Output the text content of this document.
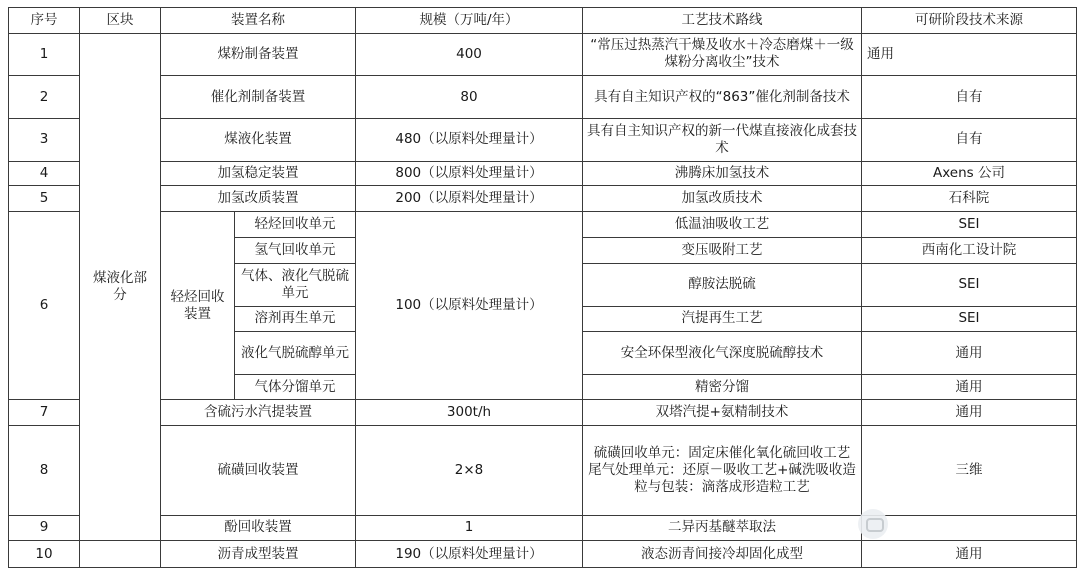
序号	区块	装置名称		规模（万吨/年）	工艺技术路线	可研阶段技术来源
1	煤液化部分	煤粉制备装置		400	“常压过热蒸汽干燥及收水＋冷态磨煤＋一级煤粉分离收尘”技术	通用
2		催化剂制备装置		80	具有自主知识产权的“863”催化剂制备技术	自有
3		煤液化装置		480（以原料处理量计）	具有自主知识产权的新一代煤直接液化成套技术	自有
4		加氢稳定装置		800（以原料处理量计）	沸腾床加氢技术	Axens 公司
5		加氢改质装置		200（以原料处理量计）	加氢改质技术	石科院
6		轻烃回收装置	轻烃回收单元	100（以原料处理量计）	低温油吸收工艺	SEI
			氢气回收单元		变压吸附工艺	西南化工设计院
			气体、液化气脱硫单元		醇胺法脱硫	SEI
			溶剂再生单元		汽提再生工艺	SEI
			液化气脱硫醇单元		安全环保型液化气深度脱硫醇技术	通用
			气体分馏单元		精密分馏	通用
7		含硫污水汽提装置		300t/h	双塔汽提+氨精制技术	通用
8		硫磺回收装置		2×8	硫磺回收单元：固定床催化氧化硫回收工艺
尾气处理单元：还原－吸收工艺+碱洗吸收造粒与包装：滴落成形造粒工艺	三维
9		酚回收装置		1	二异丙基醚萃取法	
10		沥青成型装置		190（以原料处理量计）	液态沥青间接冷却固化成型	通用
